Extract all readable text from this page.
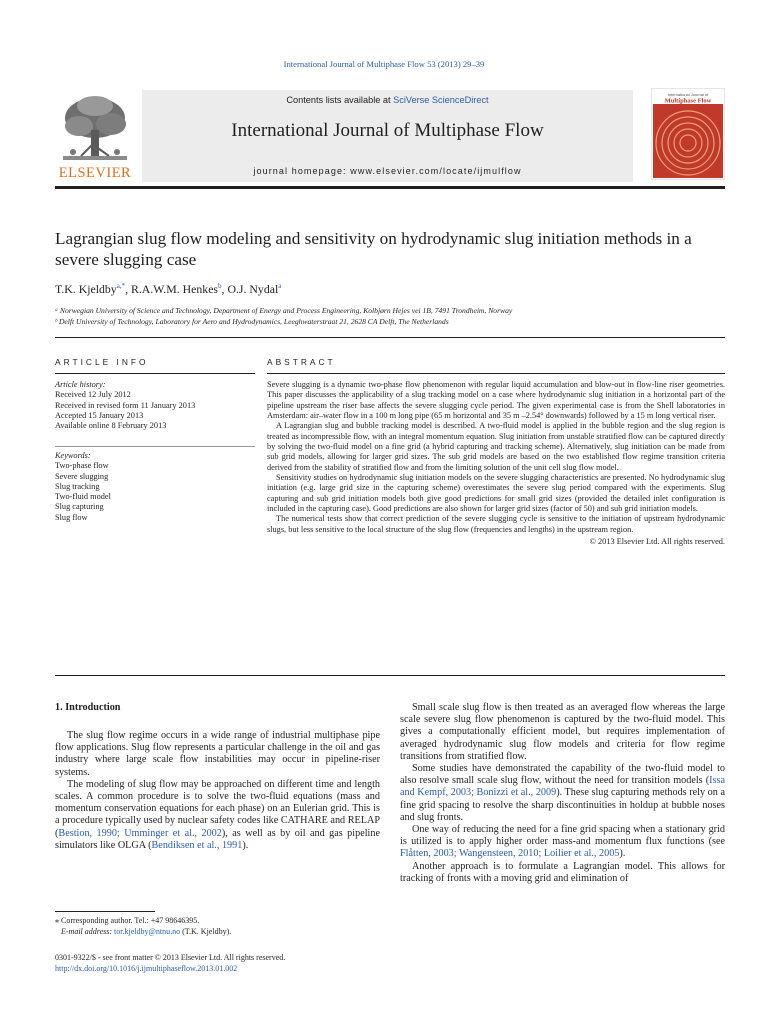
International Journal of Multiphase Flow 53 (2013) 29–39
ELSEVIER
Contents lists available at SciVerse ScienceDirect
International Journal of Multiphase Flow
journal homepage: www.elsevier.com/locate/ijmulflow
International Journal of
Multiphase Flow
Lagrangian slug flow modeling and sensitivity on hydrodynamic slug initiation methods in a severe slugging case
T.K. Kjeldby$^{a,*}$, R.A.W.M. Henkes$^b$, O.J. Nydal$^a$
ᵃ Norwegian University of Science and Technology, Department of Energy and Process Engineering, Kolbjørn Hejes vei 1B, 7491 Trondheim, Norway
ᵇ Delft University of Technology, Laboratory for Aero and Hydrodynamics, Leeghwaterstraat 21, 2628 CA Delft, The Netherlands
ARTICLE INFO	ABSTRACT
Article history:
Received 12 July 2012
Received in revised form 11 January 2013
Accepted 15 January 2013
Available online 8 February 2013
Keywords:
Two-phase flow
Severe slugging
Slug tracking
Two-fluid model
Slug capturing
Slug flow

Severe slugging is a dynamic two-phase flow phenomenon with regular liquid accumulation and blow-out in flow-line riser geometries. This paper discusses the applicability of a slug tracking model on a case where hydrodynamic slug initiation in a horizontal part of the pipeline upstream the riser base affects the severe slugging cycle period. The given experimental case is from the Shell laboratories in Amsterdam: air–water flow in a 100 m long pipe (65 m horizontal and 35 m –2.54° downwards) followed by a 15 m long vertical riser.

A Lagrangian slug and bubble tracking model is described. A two-fluid model is applied in the bubble region and the slug region is treated as incompressible flow, with an integral momentum equation. Slug initiation from unstable stratified flow can be captured directly by solving the two-fluid model on a fine grid (a hybrid capturing and tracking scheme). Alternatively, slug initiation can be made from sub grid models, allowing for larger grid sizes. The sub grid models are based on the two established flow regime transition criteria derived from the stability of stratified flow and from the limiting solution of the unit cell slug flow model.

Sensitivity studies on hydrodynamic slug initiation models on the severe slugging characteristics are presented. No hydrodynamic slug initiation (e.g. large grid size in the capturing scheme) overestimates the severe slug period compared with the experiments. Slug capturing and sub grid initiation models both give good predictions for small grid sizes (provided the detailed inlet configuration is included in the capturing case). Good predictions are also shown for larger grid sizes (factor of 50) and sub grid initiation models.

The numerical tests show that correct prediction of the severe slugging cycle is sensitive to the initiation of upstream hydrodynamic slugs, but less sensitive to the local structure of the slug flow (frequencies and lengths) in the upstream region.

© 2013 Elsevier Ltd. All rights reserved.

1. Introduction

The slug flow regime occurs in a wide range of industrial multiphase pipe flow applications. Slug flow represents a particular challenge in the oil and gas industry where large scale flow instabilities may occur in pipeline-riser systems.

The modeling of slug flow may be approached on different time and length scales. A common procedure is to solve the two-fluid equations (mass and momentum conservation equations for each phase) on an Eulerian grid. This is a procedure typically used by nuclear safety codes like CATHARE and RELAP (Bestion, 1990; Umminger et al., 2002), as well as by oil and gas pipeline simulators like OLGA (Bendiksen et al., 1991).

Small scale slug flow is then treated as an averaged flow whereas the large scale severe slug flow phenomenon is captured by the two-fluid model. This gives a computationally efficient model, but requires implementation of averaged hydrodynamic slug flow models and criteria for flow regime transitions from stratified flow.

Some studies have demonstrated the capability of the two-fluid model to also resolve small scale slug flow, without the need for transition models (Issa and Kempf, 2003; Bonizzi et al., 2009). These slug capturing methods rely on a fine grid spacing to resolve the sharp discontinuities in holdup at bubble noses and slug fronts.

One way of reducing the need for a fine grid spacing when a stationary grid is utilized is to apply higher order mass-and momentum flux functions (see Flåtten, 2003; Wangensteen, 2010; Loilier et al., 2005).

Another approach is to formulate a Lagrangian model. This allows for tracking of fronts with a moving grid and elimination of

⁎ Corresponding author. Tel.: +47 98646395.
E-mail address: tor.kjeldby@ntnu.no (T.K. Kjeldby).
0301-9322/$ - see front matter © 2013 Elsevier Ltd. All rights reserved.
http://dx.doi.org/10.1016/j.ijmultiphaseflow.2013.01.002
